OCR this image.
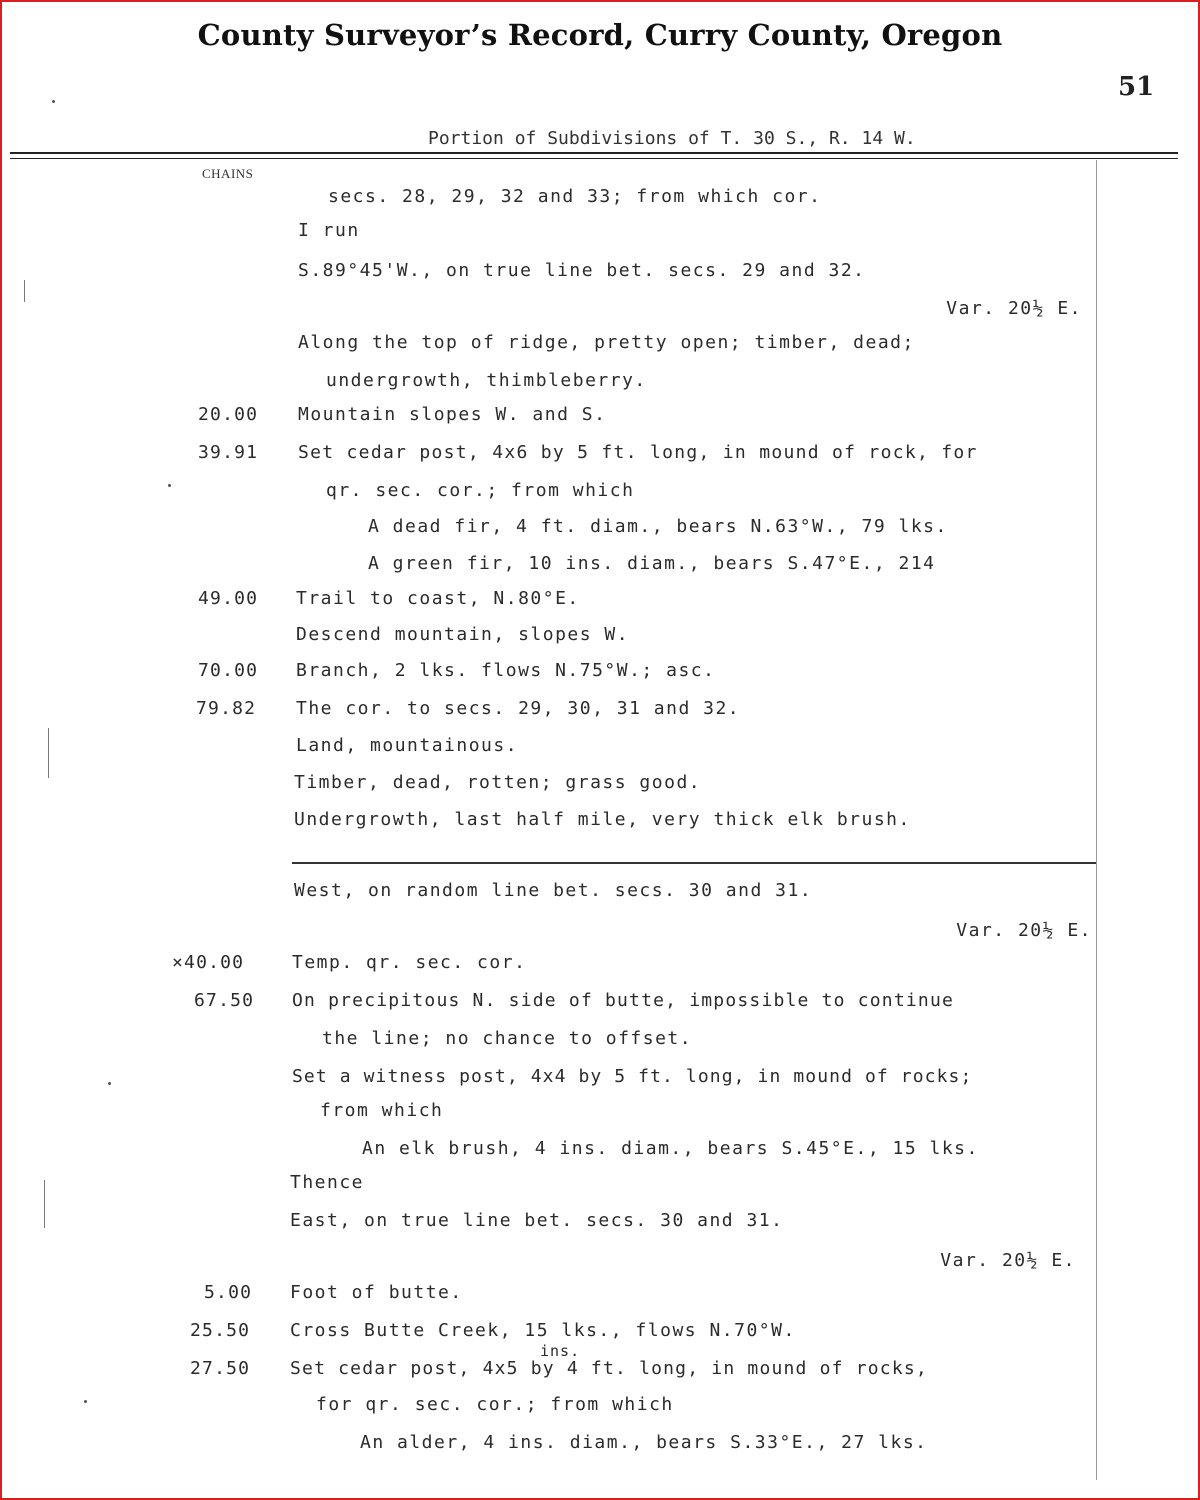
County Surveyor’s Record, Curry County, Oregon
51
Portion of Subdivisions of T. 30 S., R. 14 W.
CHAINS
secs. 28, 29, 32 and 33; from which cor.
I run
S.89°45'W., on true line bet. secs. 29 and 32.
Var. 20½ E.
Along the top of ridge, pretty open; timber, dead;
undergrowth, thimbleberry.
20.00 Mountain slopes W. and S.
39.91 Set cedar post, 4x6 by 5 ft. long, in mound of rock, for
qr. sec. cor.; from which
A dead fir, 4 ft. diam., bears N.63°W., 79 lks.
A green fir, 10 ins. diam., bears S.47°E., 214
49.00 Trail to coast, N.80°E.
Descend mountain, slopes W.
70.00 Branch, 2 lks. flows N.75°W.; asc.
79.82 The cor. to secs. 29, 30, 31 and 32.
Land, mountainous.
Timber, dead, rotten; grass good.
Undergrowth, last half mile, very thick elk brush.
West, on random line bet. secs. 30 and 31.
Var. 20½ E.
×40.00	Temp. qr. sec. cor.
67.50 On precipitous N. side of butte, impossible to continue
the line; no chance to offset.
Set a witness post, 4x4 by 5 ft. long, in mound of rocks;
from which
An elk brush, 4 ins. diam., bears S.45°E., 15 lks.
Thence
East, on true line bet. secs. 30 and 31.
Var. 20½ E.
5.00 Foot of butte.
25.50 Cross Butte Creek, 15 lks., flows N.70°W.
ins.
27.50 Set cedar post, 4x5 by 4 ft. long, in mound of rocks,
for qr. sec. cor.; from which
An alder, 4 ins. diam., bears S.33°E., 27 lks.
